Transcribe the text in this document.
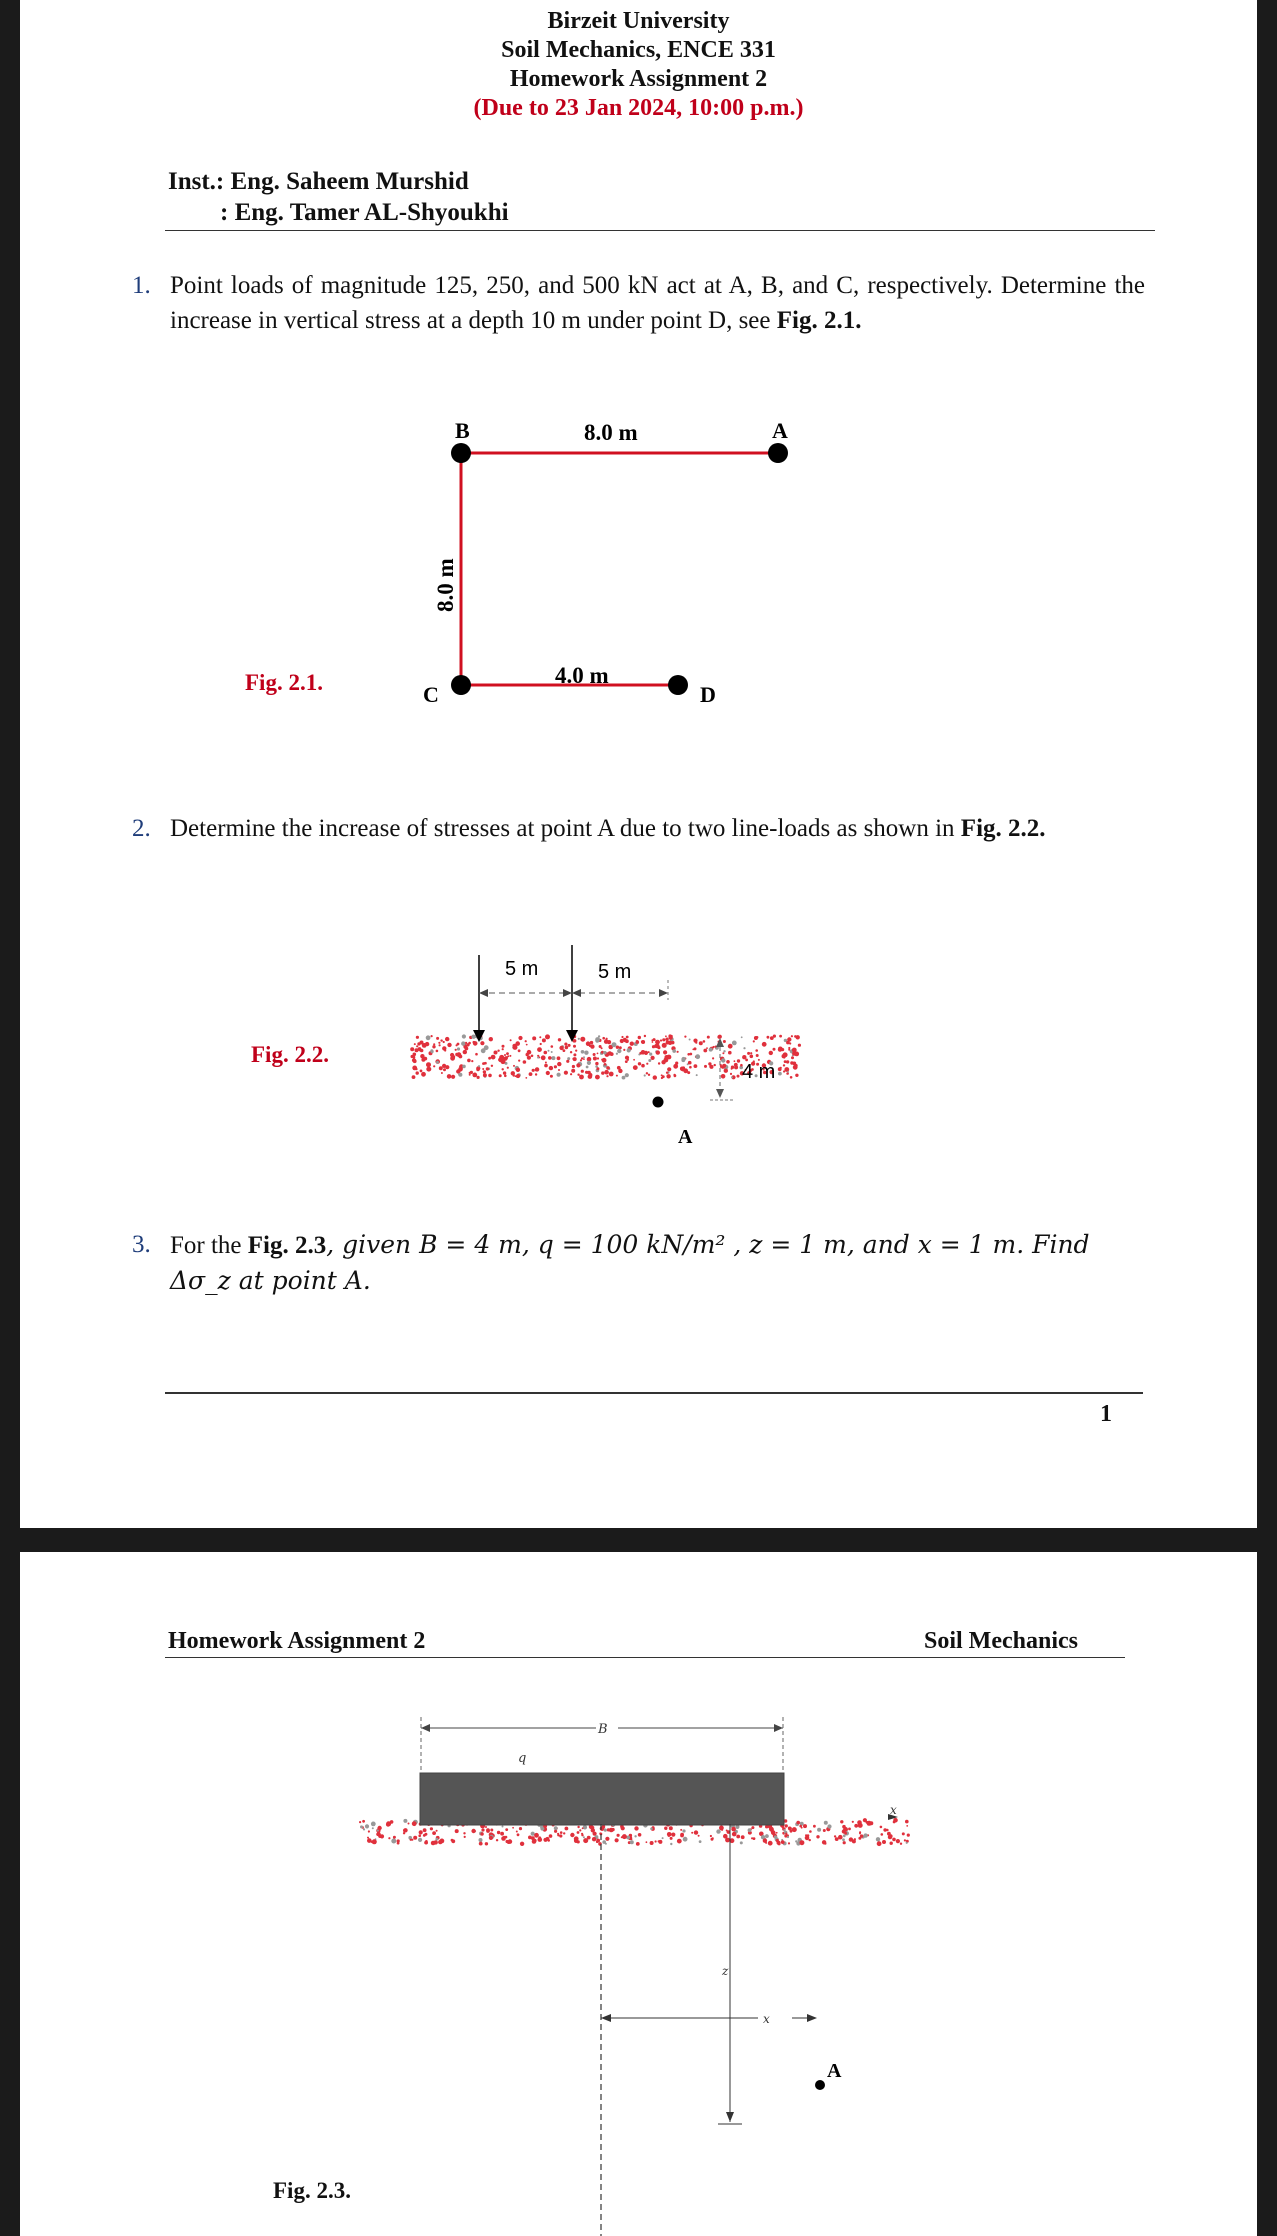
Birzeit University
Soil Mechanics, ENCE 331
Homework Assignment 2
(Due to 23 Jan 2024, 10:00 p.m.)
Inst.: Eng. Saheem Murshid
: Eng. Tamer AL-Shyoukhi
1. Point loads of magnitude 125, 250, and 500 kN act at A, B, and C, respectively. Determine the increase in vertical stress at a depth 10 m under point D, see Fig. 2.1.
Fig. 2.1.
B	A
C	D
8.0 m
4.0 m
8.0 m
2. Determine the increase of stresses at point A due to two line-loads as shown in Fig. 2.2.
Fig. 2.2.
5 m	5 m
4 m
A
3. For the Fig. 2.3, given B = 4 m, q = 100 kN/m² , z = 1 m, and x = 1 m. Find
Δσ_z at point A.
1
Homework Assignment 2	Soil Mechanics
B
q
x
z
x
A
Fig. 2.3.
